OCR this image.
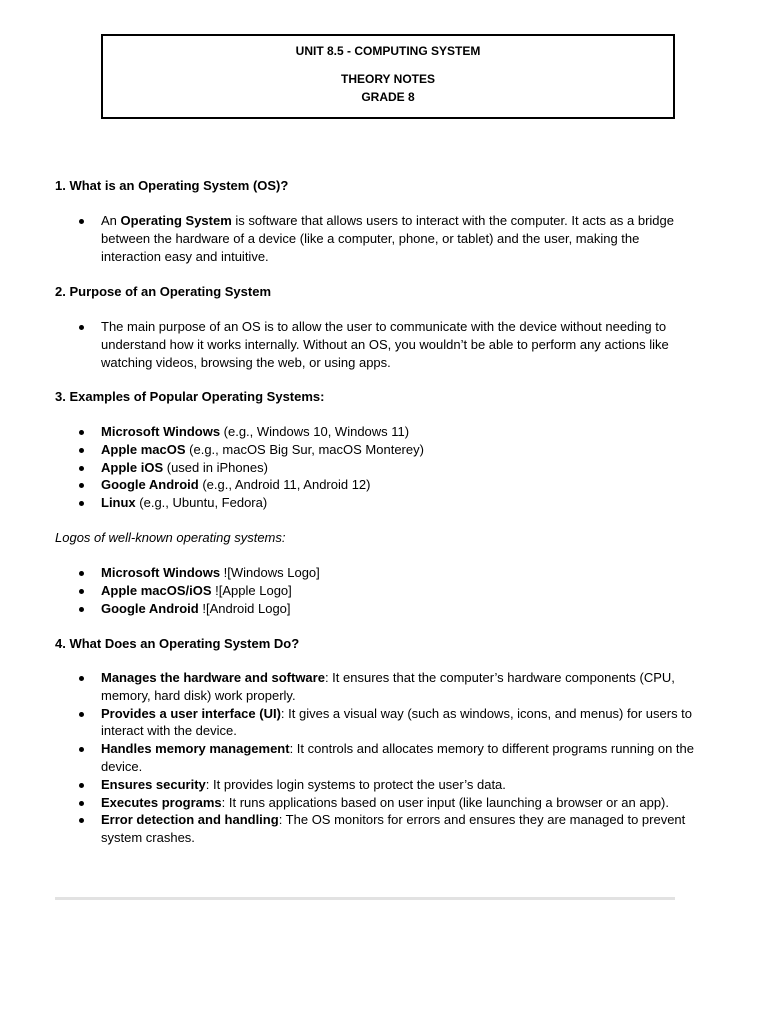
UNIT 8.5 - COMPUTING SYSTEM
THEORY NOTES
GRADE 8
1. What is an Operating System (OS)?
An Operating System is software that allows users to interact with the computer. It acts as a bridge between the hardware of a device (like a computer, phone, or tablet) and the user, making the interaction easy and intuitive.
2. Purpose of an Operating System
The main purpose of an OS is to allow the user to communicate with the device without needing to understand how it works internally. Without an OS, you wouldn’t be able to perform any actions like watching videos, browsing the web, or using apps.
3. Examples of Popular Operating Systems:
Microsoft Windows (e.g., Windows 10, Windows 11)
Apple macOS (e.g., macOS Big Sur, macOS Monterey)
Apple iOS (used in iPhones)
Google Android (e.g., Android 11, Android 12)
Linux (e.g., Ubuntu, Fedora)
Logos of well-known operating systems:
Microsoft Windows ![Windows Logo]
Apple macOS/iOS ![Apple Logo]
Google Android ![Android Logo]
4. What Does an Operating System Do?
Manages the hardware and software: It ensures that the computer’s hardware components (CPU, memory, hard disk) work properly.
Provides a user interface (UI): It gives a visual way (such as windows, icons, and menus) for users to interact with the device.
Handles memory management: It controls and allocates memory to different programs running on the device.
Ensures security: It provides login systems to protect the user’s data.
Executes programs: It runs applications based on user input (like launching a browser or an app).
Error detection and handling: The OS monitors for errors and ensures they are managed to prevent system crashes.
